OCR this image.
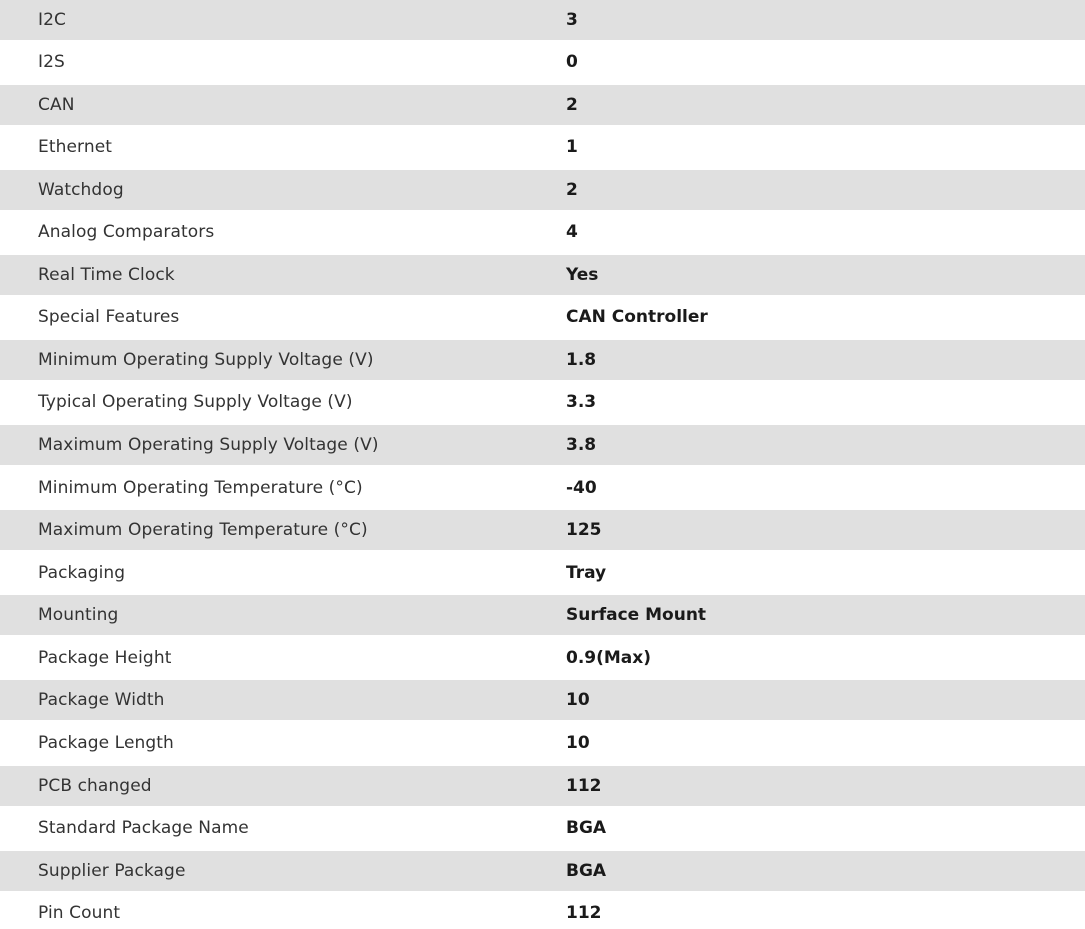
I2C	3
I2S	0
CAN	2
Ethernet	1
Watchdog	2
Analog Comparators	4
Real Time Clock	Yes
Special Features	CAN Controller
Minimum Operating Supply Voltage (V)	1.8
Typical Operating Supply Voltage (V)	3.3
Maximum Operating Supply Voltage (V)	3.8
Minimum Operating Temperature (°C)	-40
Maximum Operating Temperature (°C)	125
Packaging	Tray
Mounting	Surface Mount
Package Height	0.9(Max)
Package Width	10
Package Length	10
PCB changed	112
Standard Package Name	BGA
Supplier Package	BGA
Pin Count	112
